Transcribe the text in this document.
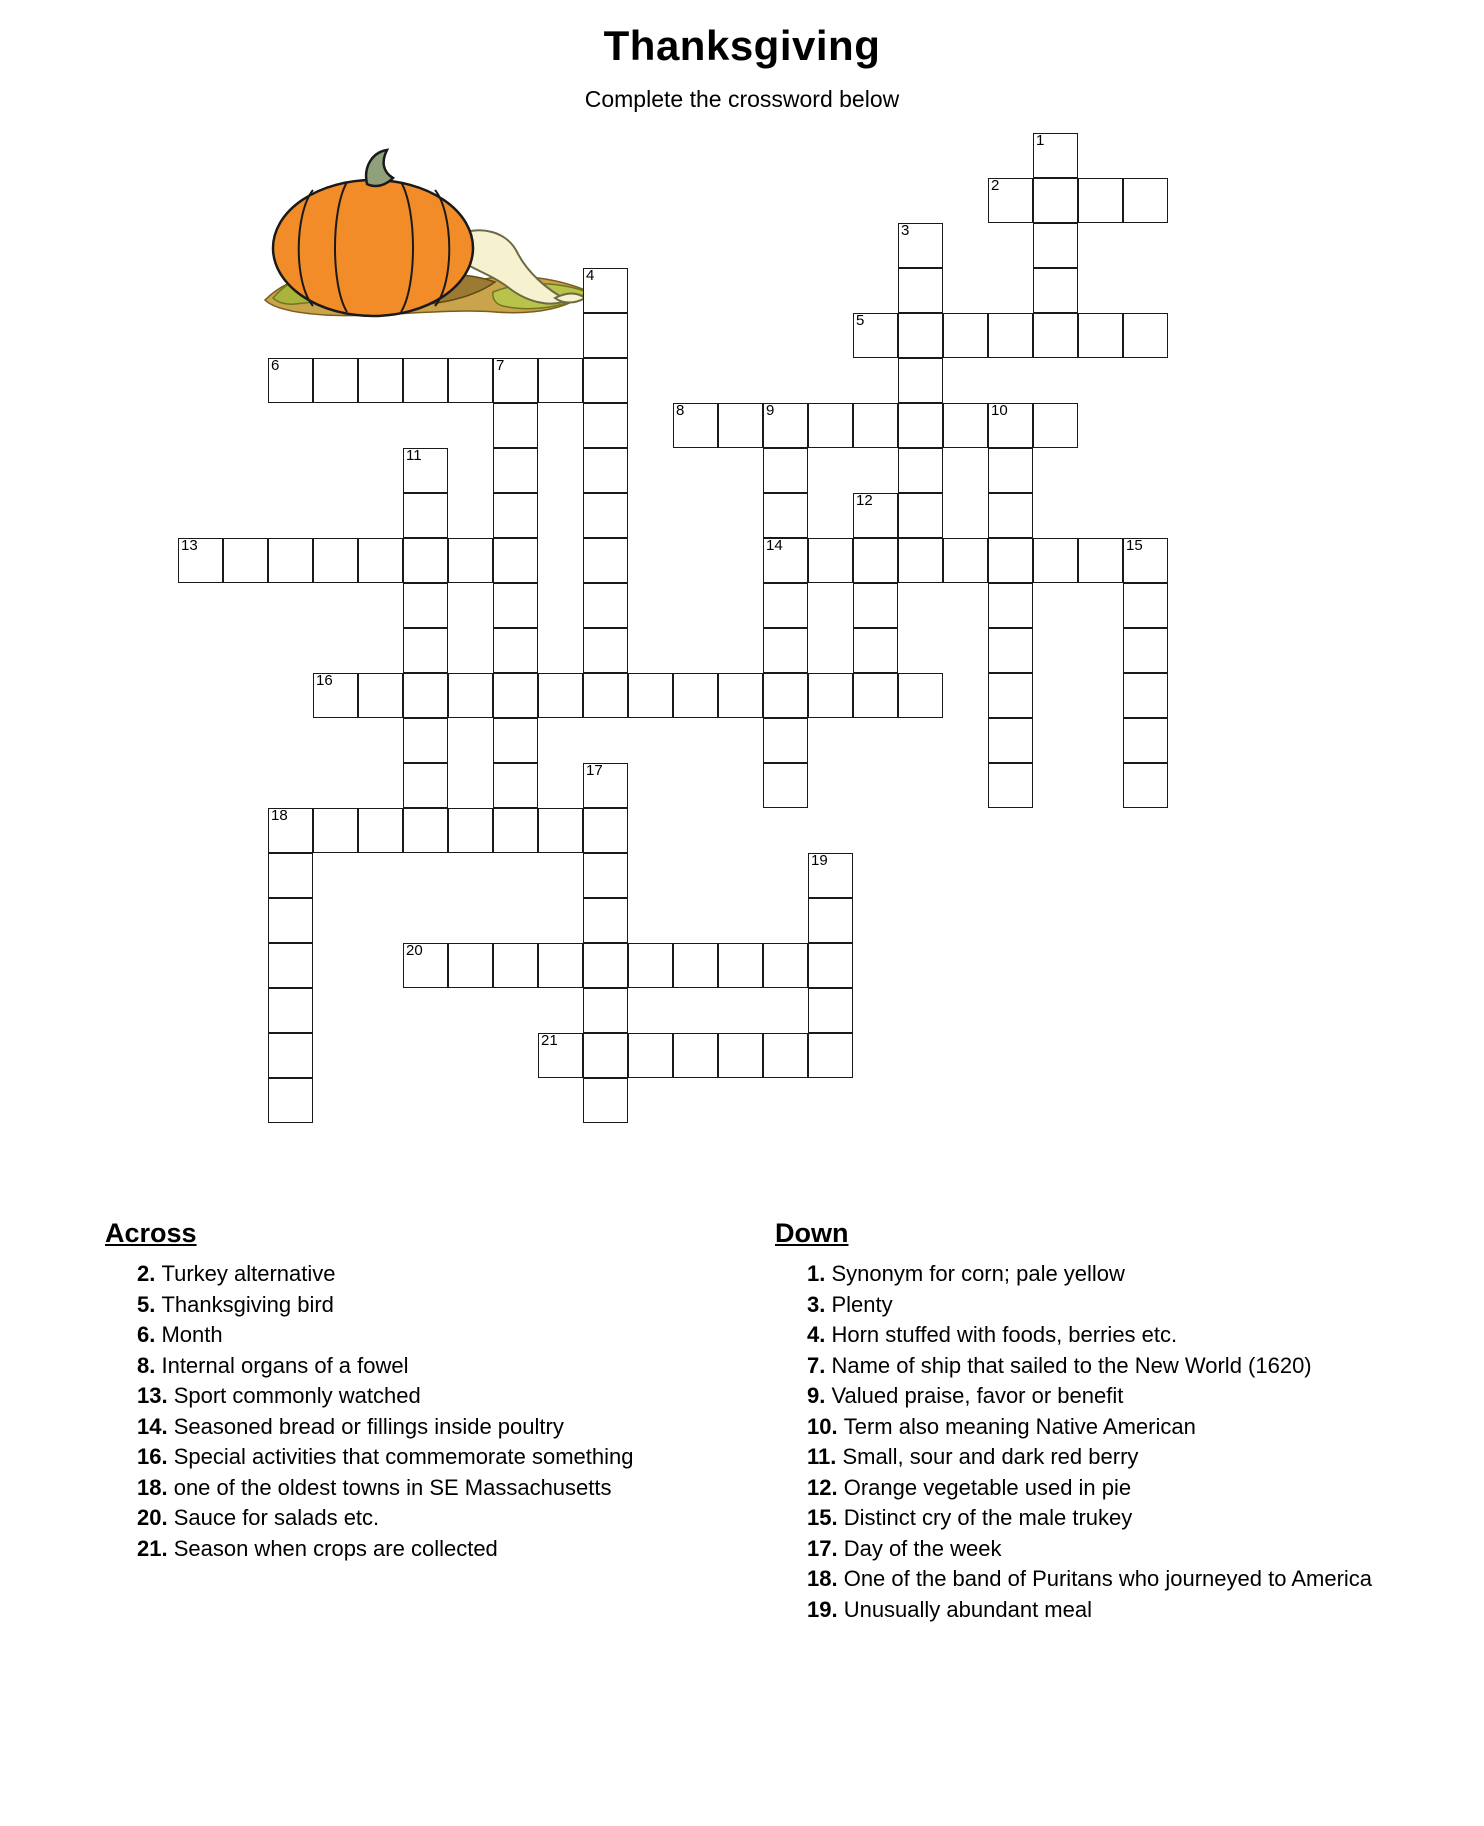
Thanksgiving
Complete the crossword below
1
2
3
4
5
6	7
8	9	10
11
12
13	14	15
16
17
18
19
20
21
Across
2. Turkey alternative
5. Thanksgiving bird
6. Month
8. Internal organs of a fowel
13. Sport commonly watched
14. Seasoned bread or fillings inside poultry
16. Special activities that commemorate something
18. one of the oldest towns in SE Massachusetts
20. Sauce for salads etc.
21. Season when crops are collected
Down
1. Synonym for corn; pale yellow
3. Plenty
4. Horn stuffed with foods, berries etc.
7. Name of ship that sailed to the New World (1620)
9. Valued praise, favor or benefit
10. Term also meaning Native American
11. Small, sour and dark red berry
12. Orange vegetable used in pie
15. Distinct cry of the male trukey
17. Day of the week
18. One of the band of Puritans who journeyed to America
19. Unusually abundant meal
